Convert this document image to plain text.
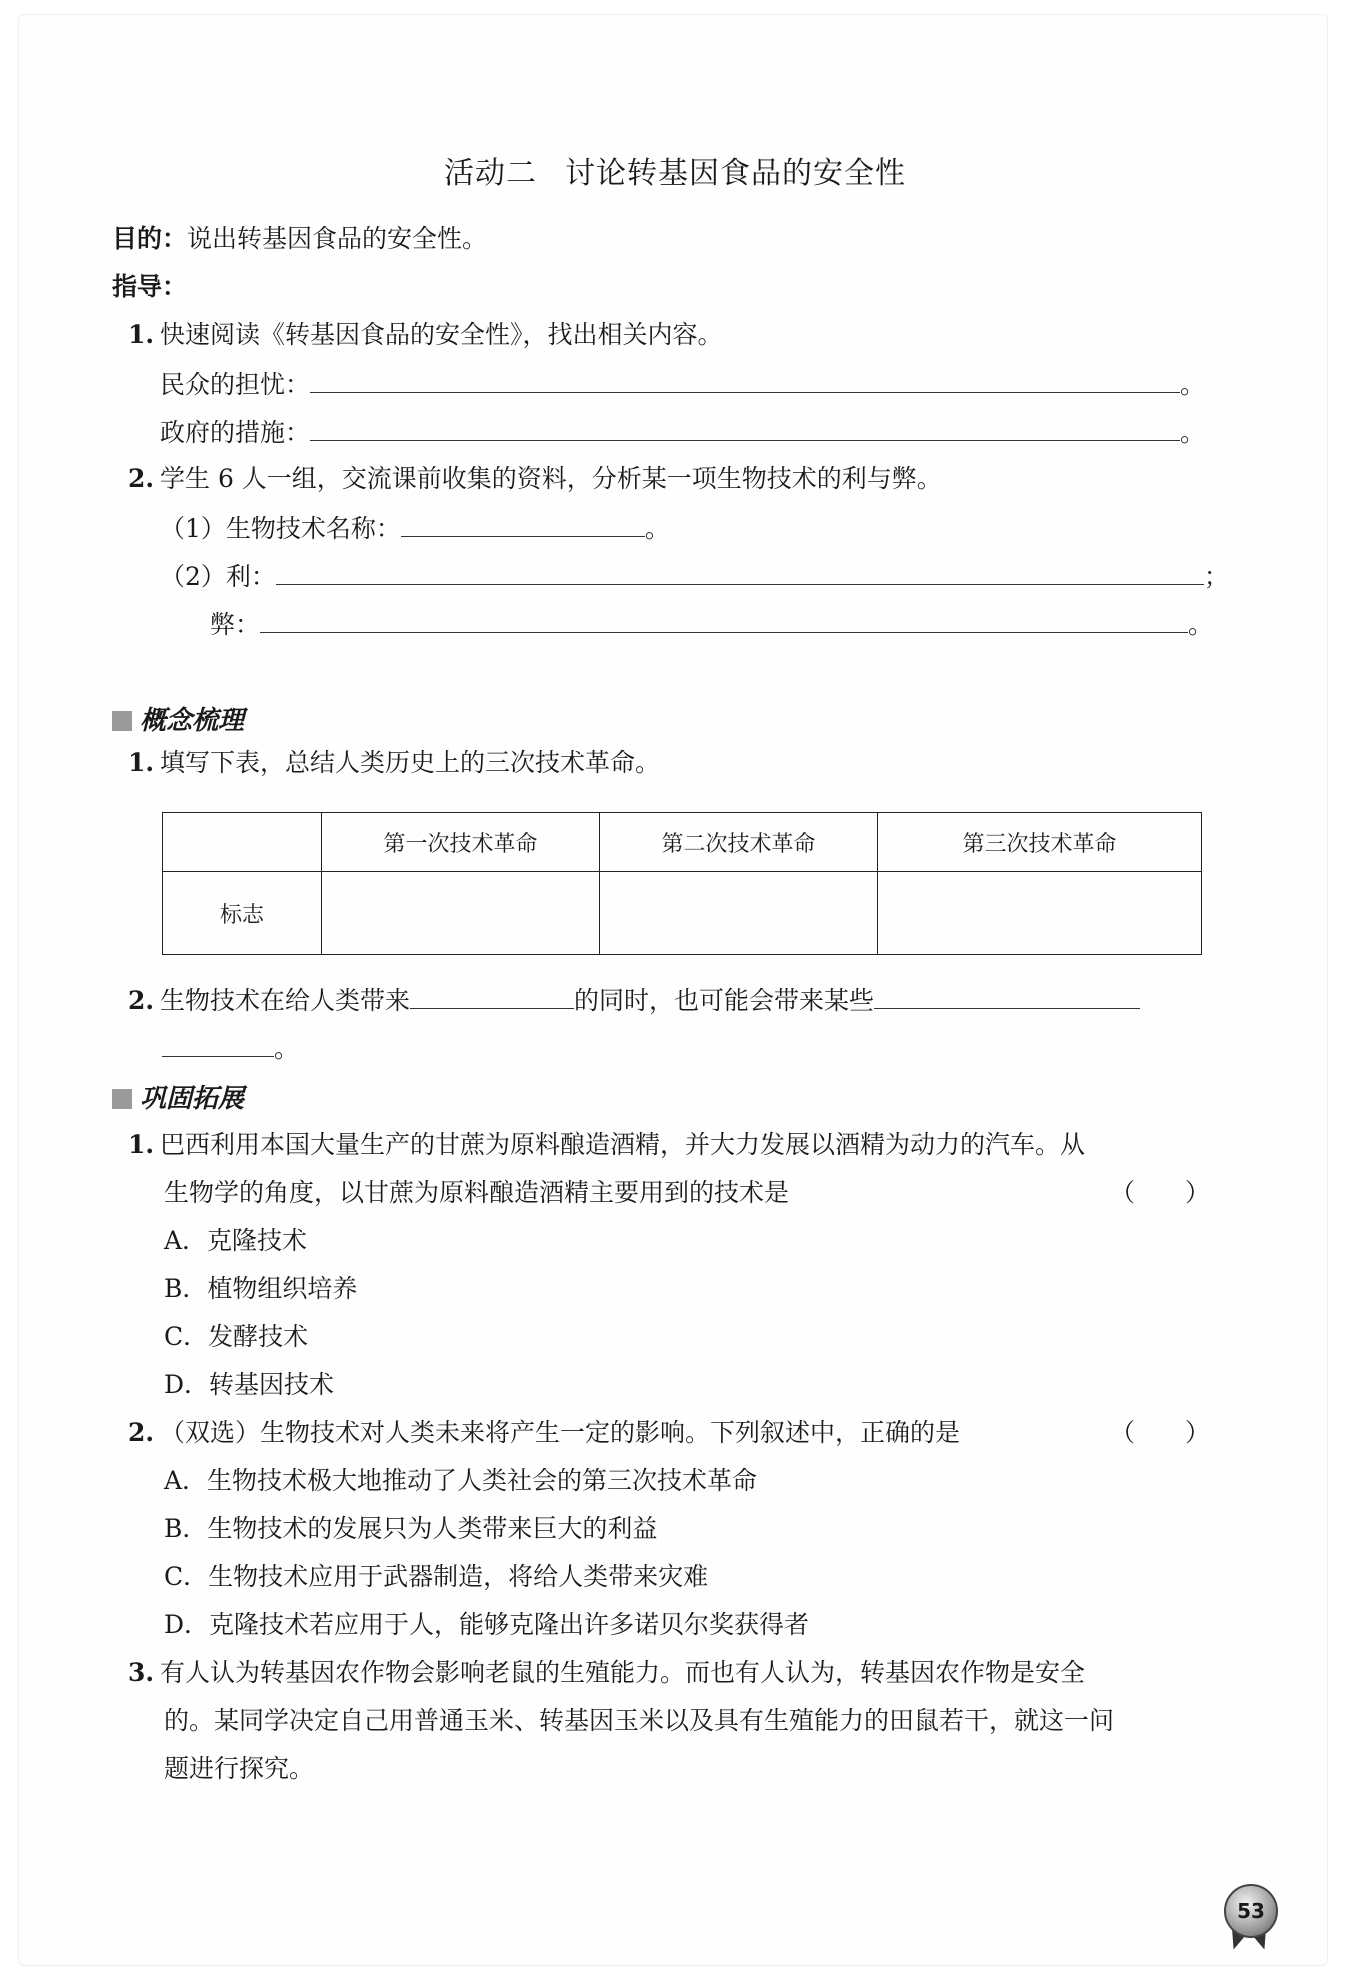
活动二 讨论转基因食品的安全性
目的：说出转基因食品的安全性。
指导：
1. 快速阅读《转基因食品的安全性》，找出相关内容。
民众的担忧：	。
政府的措施：	。
2. 学生 6 人一组，交流课前收集的资料，分析某一项生物技术的利与弊。
（1）生物技术名称：	。
（2）利：	；
弊：	。
概念梳理
1. 填写下表，总结人类历史上的三次技术革命。
	第一次技术革命	第二次技术革命	第三次技术革命
标志			
2. 生物技术在给人类带来	的同时，也可能会带来某些
。
巩固拓展
1. 巴西利用本国大量生产的甘蔗为原料酿造酒精，并大力发展以酒精为动力的汽车。从
生物学的角度，以甘蔗为原料酿造酒精主要用到的技术是	（　　）
A．克隆技术
B．植物组织培养
C．发酵技术
D．转基因技术
2. （双选）生物技术对人类未来将产生一定的影响。下列叙述中，正确的是	（　　）
A．生物技术极大地推动了人类社会的第三次技术革命
B．生物技术的发展只为人类带来巨大的利益
C．生物技术应用于武器制造，将给人类带来灾难
D．克隆技术若应用于人，能够克隆出许多诺贝尔奖获得者
3. 有人认为转基因农作物会影响老鼠的生殖能力。而也有人认为，转基因农作物是安全
的。某同学决定自己用普通玉米、转基因玉米以及具有生殖能力的田鼠若干，就这一问
题进行探究。
53
